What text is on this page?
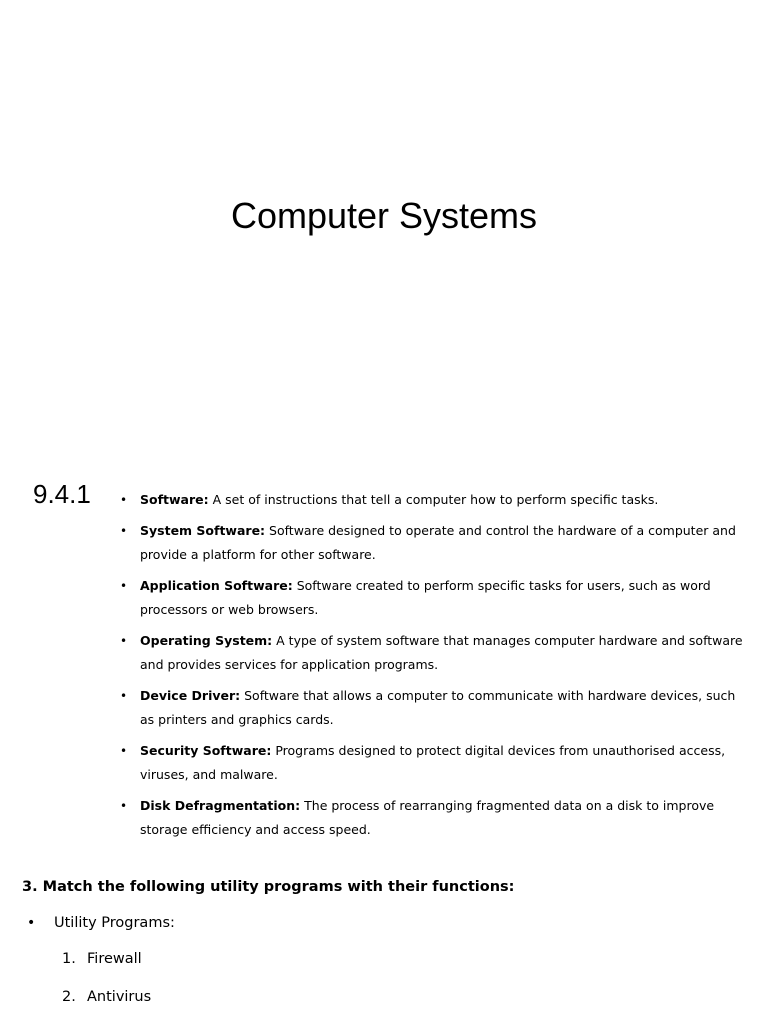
Computer Systems
9.4.1 • Software: A set of instructions that tell a computer how to perform specific tasks.
• System Software: Software designed to operate and control the hardware of a computer and provide a platform for other software.
• Application Software: Software created to perform specific tasks for users, such as word processors or web browsers.
• Operating System: A type of system software that manages computer hardware and software and provides services for application programs.
• Device Driver: Software that allows a computer to communicate with hardware devices, such as printers and graphics cards.
• Security Software: Programs designed to protect digital devices from unauthorised access, viruses, and malware.
• Disk Defragmentation: The process of rearranging fragmented data on a disk to improve storage efficiency and access speed.
3. Match the following utility programs with their functions:
• Utility Programs:
1. Firewall
2. Antivirus
